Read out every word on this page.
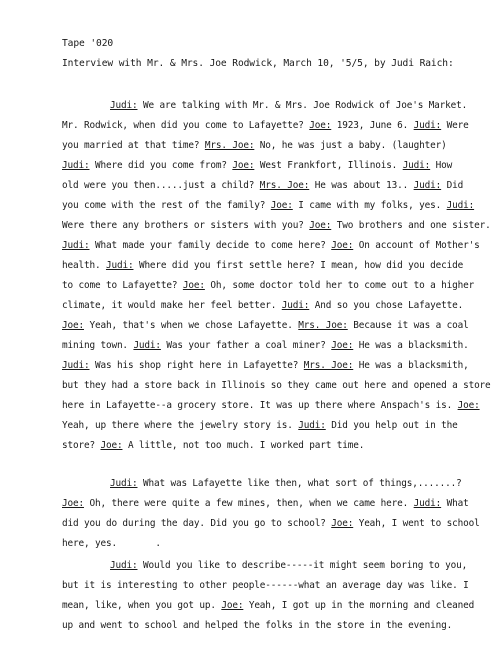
Tape '020
Interview with Mr. & Mrs. Joe Rodwick, March 10, '5/5, by Judi Raich:
Judi: We are talking with Mr. & Mrs. Joe Rodwick of Joe's Market.
Mr. Rodwick, when did you come to Lafayette? Joe: 1923, June 6. Judi: Were
you married at that time? Mrs. Joe: No, he was just a baby. (laughter)
Judi: Where did you come from? Joe: West Frankfort, Illinois. Judi: How
old were you then.....just a child? Mrs. Joe: He was about 13.. Judi: Did
you come with the rest of the family? Joe: I came with my folks, yes. Judi:
Were there any brothers or sisters with you? Joe: Two brothers and one sister.
Judi: What made your family decide to come here? Joe: On account of Mother's
health. Judi: Where did you first settle here? I mean, how did you decide
to come to Lafayette? Joe: Oh, some doctor told her to come out to a higher
climate, it would make her feel better. Judi: And so you chose Lafayette.
Joe: Yeah, that's when we chose Lafayette. Mrs. Joe: Because it was a coal
mining town. Judi: Was your father a coal miner? Joe: He was a blacksmith.
Judi: Was his shop right here in Lafayette? Mrs. Joe: He was a blacksmith,
but they had a store back in Illinois so they came out here and opened a store
here in Lafayette--a grocery store. It was up there where Anspach's is. Joe:
Yeah, up there where the jewelry story is. Judi: Did you help out in the
store? Joe: A little, not too much. I worked part time.
Judi: What was Lafayette like then, what sort of things,.......?
Joe: Oh, there were quite a few mines, then, when we came here. Judi: What
did you do during the day. Did you go to school? Joe: Yeah, I went to school
here, yes.       .
Judi: Would you like to describe-----it might seem boring to you,
but it is interesting to other people------what an average day was like. I
mean, like, when you got up. Joe: Yeah, I got up in the morning and cleaned
up and went to school and helped the folks in the store in the evening.
